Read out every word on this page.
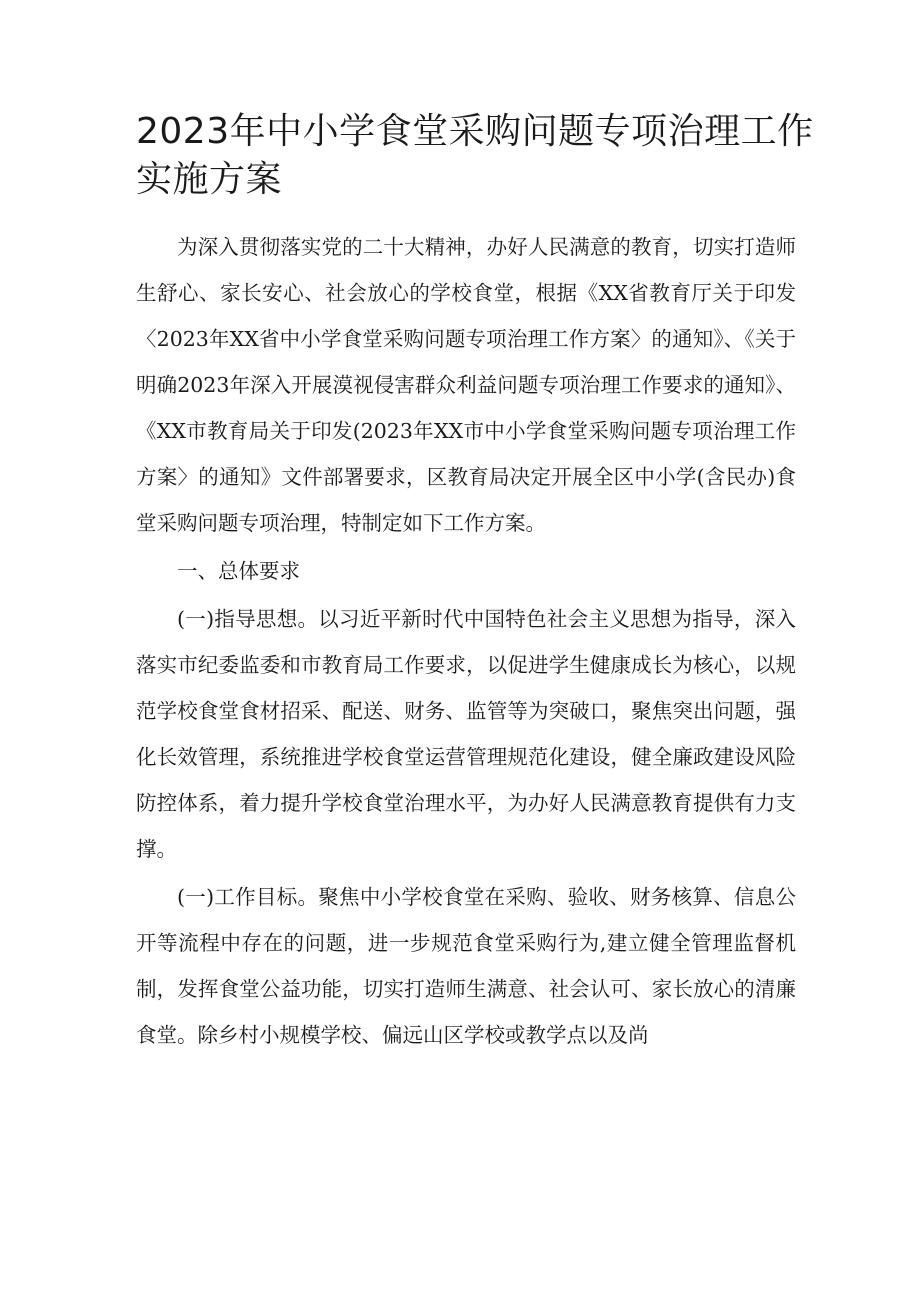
2023年中小学食堂采购问题专项治理工作实施方案

为深入贯彻落实党的二十大精神，办好人民满意的教育，切实打造师生舒心、家长安心、社会放心的学校食堂，根据《XX省教育厅关于印发〈2023年XX省中小学食堂采购问题专项治理工作方案〉的通知》、《关于明确2023年深入开展漠视侵害群众利益问题专项治理工作要求的通知》、《XX市教育局关于印发(2023年XX市中小学食堂采购问题专项治理工作方案〉的通知》文件部署要求，区教育局决定开展全区中小学(含民办)食堂采购问题专项治理，特制定如下工作方案。

一、总体要求

(一)指导思想。以习近平新时代中国特色社会主义思想为指导，深入落实市纪委监委和市教育局工作要求，以促进学生健康成长为核心，以规范学校食堂食材招采、配送、财务、监管等为突破口，聚焦突出问题，强化长效管理，系统推进学校食堂运营管理规范化建设，健全廉政建设风险防控体系，着力提升学校食堂治理水平，为办好人民满意教育提供有力支撑。

(一)工作目标。聚焦中小学校食堂在采购、验收、财务核算、信息公开等流程中存在的问题，进一步规范食堂采购行为,建立健全管理监督机制，发挥食堂公益功能，切实打造师生满意、社会认可、家长放心的清廉食堂。除乡村小规模学校、偏远山区学校或教学点以及尚
